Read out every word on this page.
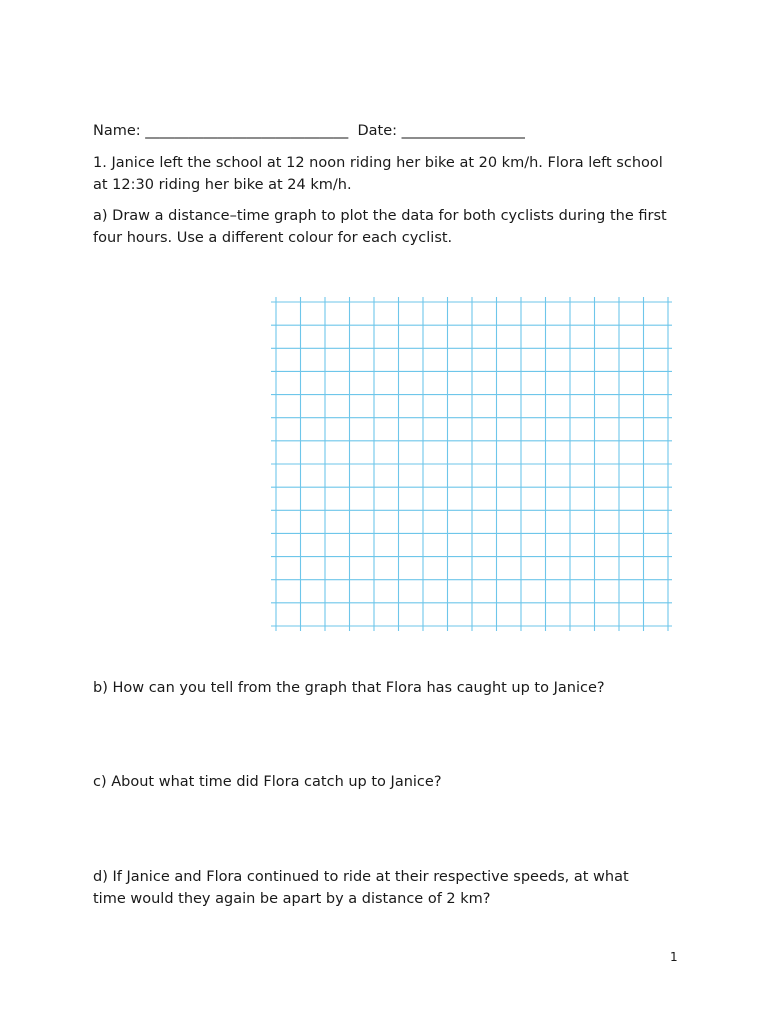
Name: ____________________________ Date: _________________
1. Janice left the school at 12 noon riding her bike at 20 km/h. Flora left school
at 12:30 riding her bike at 24 km/h.
a) Draw a distance–time graph to plot the data for both cyclists during the first
four hours. Use a different colour for each cyclist.
b) How can you tell from the graph that Flora has caught up to Janice?
c) About what time did Flora catch up to Janice?
d) If Janice and Flora continued to ride at their respective speeds, at what
time would they again be apart by a distance of 2 km?
1
